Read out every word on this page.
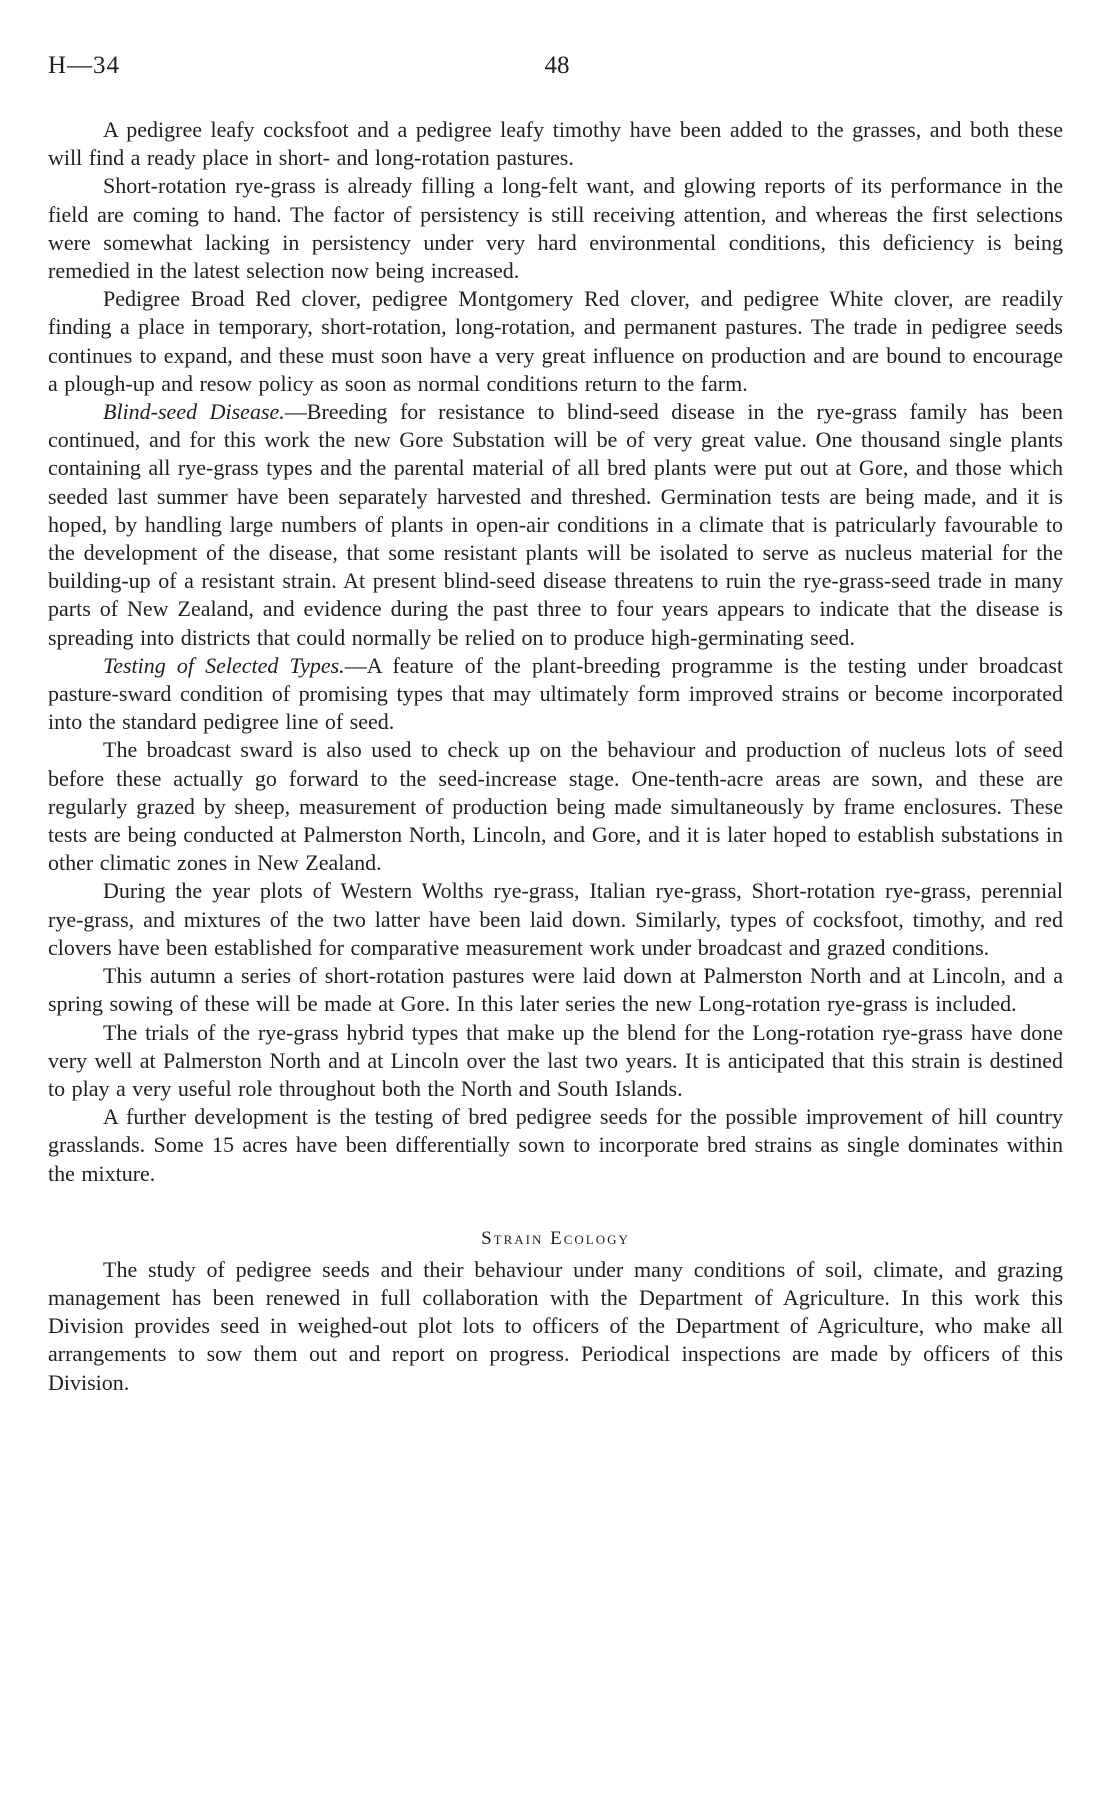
H—34	48

A pedigree leafy cocksfoot and a pedigree leafy timothy have been added to the grasses, and both these will find a ready place in short- and long-rotation pastures.

Short-rotation rye-grass is already filling a long-felt want, and glowing reports of its performance in the field are coming to hand. The factor of persistency is still receiving attention, and whereas the first selections were somewhat lacking in persistency under very hard environmental conditions, this deficiency is being remedied in the latest selection now being increased.

Pedigree Broad Red clover, pedigree Montgomery Red clover, and pedigree White clover, are readily finding a place in temporary, short-rotation, long-rotation, and permanent pastures. The trade in pedigree seeds continues to expand, and these must soon have a very great influence on production and are bound to encourage a plough-up and resow policy as soon as normal conditions return to the farm.

Blind-seed Disease.—Breeding for resistance to blind-seed disease in the rye-grass family has been continued, and for this work the new Gore Substation will be of very great value. One thousand single plants containing all rye-grass types and the parental material of all bred plants were put out at Gore, and those which seeded last summer have been separately harvested and threshed. Germination tests are being made, and it is hoped, by handling large numbers of plants in open-air conditions in a climate that is patricularly favourable to the development of the disease, that some resistant plants will be isolated to serve as nucleus material for the building-up of a resistant strain. At present blind-seed disease threatens to ruin the rye-grass-seed trade in many parts of New Zealand, and evidence during the past three to four years appears to indicate that the disease is spreading into districts that could normally be relied on to produce high-germinating seed.

Testing of Selected Types.—A feature of the plant-breeding programme is the testing under broadcast pasture-sward condition of promising types that may ultimately form improved strains or become incorporated into the standard pedigree line of seed.

The broadcast sward is also used to check up on the behaviour and production of nucleus lots of seed before these actually go forward to the seed-increase stage. One-tenth-acre areas are sown, and these are regularly grazed by sheep, measurement of production being made simultaneously by frame enclosures. These tests are being conducted at Palmerston North, Lincoln, and Gore, and it is later hoped to establish substations in other climatic zones in New Zealand.

During the year plots of Western Wolths rye-grass, Italian rye-grass, Short-rotation rye-grass, perennial rye-grass, and mixtures of the two latter have been laid down. Similarly, types of cocksfoot, timothy, and red clovers have been established for comparative measurement work under broadcast and grazed conditions.

This autumn a series of short-rotation pastures were laid down at Palmerston North and at Lincoln, and a spring sowing of these will be made at Gore. In this later series the new Long-rotation rye-grass is included.

The trials of the rye-grass hybrid types that make up the blend for the Long-rotation rye-grass have done very well at Palmerston North and at Lincoln over the last two years. It is anticipated that this strain is destined to play a very useful role throughout both the North and South Islands.

A further development is the testing of bred pedigree seeds for the possible improvement of hill country grasslands. Some 15 acres have been differentially sown to incorporate bred strains as single dominates within the mixture.

Strain Ecology

The study of pedigree seeds and their behaviour under many conditions of soil, climate, and grazing management has been renewed in full collaboration with the Department of Agriculture. In this work this Division provides seed in weighed-out plot lots to officers of the Department of Agriculture, who make all arrangements to sow them out and report on progress. Periodical inspections are made by officers of this Division.
